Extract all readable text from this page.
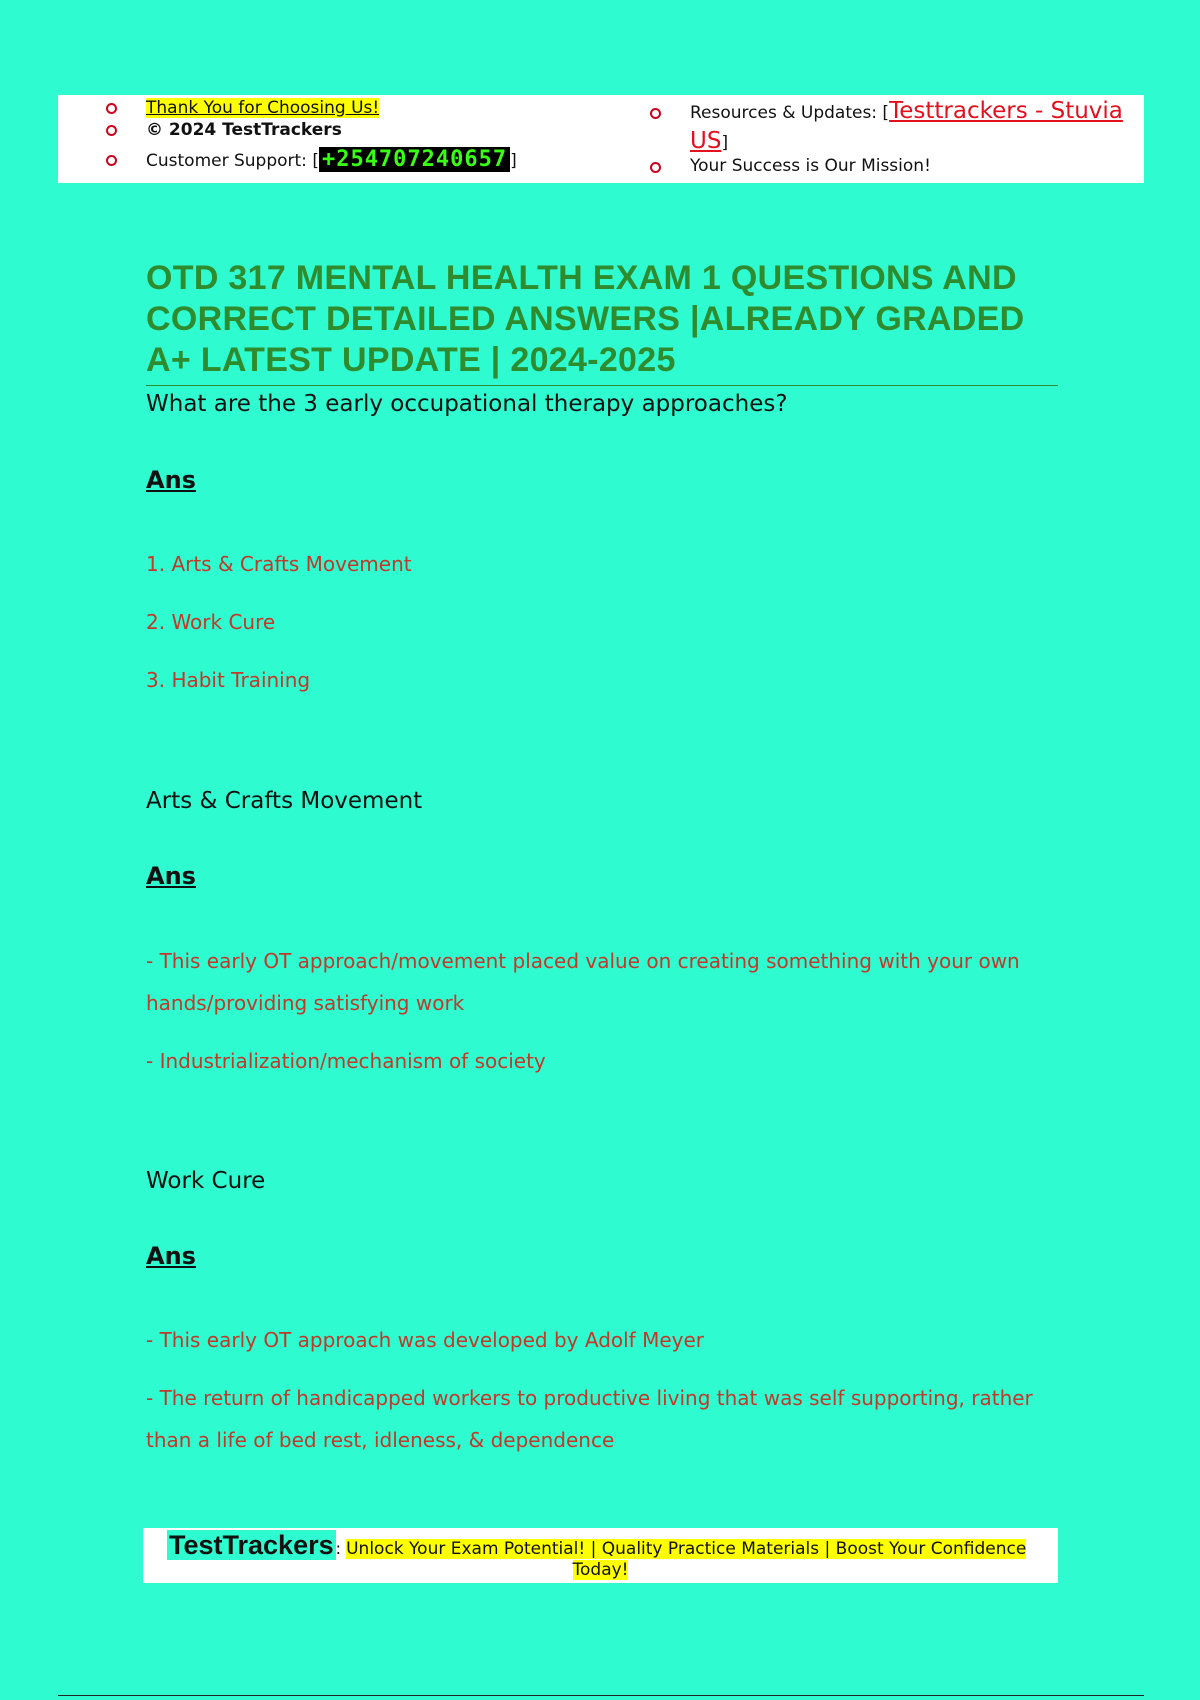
Thank You for Choosing Us!
© 2024 TestTrackers
Customer Support: [ +254707240657 ]
Resources & Updates: [Testtrackers - Stuvia US]
Your Success is Our Mission!
OTD 317 MENTAL HEALTH EXAM 1 QUESTIONS AND CORRECT DETAILED ANSWERS |ALREADY GRADED A+ LATEST UPDATE | 2024-2025

What are the 3 early occupational therapy approaches?

Ans

1. Arts & Crafts Movement

2. Work Cure

3. Habit Training

Arts & Crafts Movement

Ans

- This early OT approach/movement placed value on creating something with your own hands/providing satisfying work

- Industrialization/mechanism of society

Work Cure

Ans

- This early OT approach was developed by Adolf Meyer

- The return of handicapped workers to productive living that was self supporting, rather than a life of bed rest, idleness, & dependence

TestTrackers : Unlock Your Exam Potential! | Quality Practice Materials | Boost Your Confidence
Today!
